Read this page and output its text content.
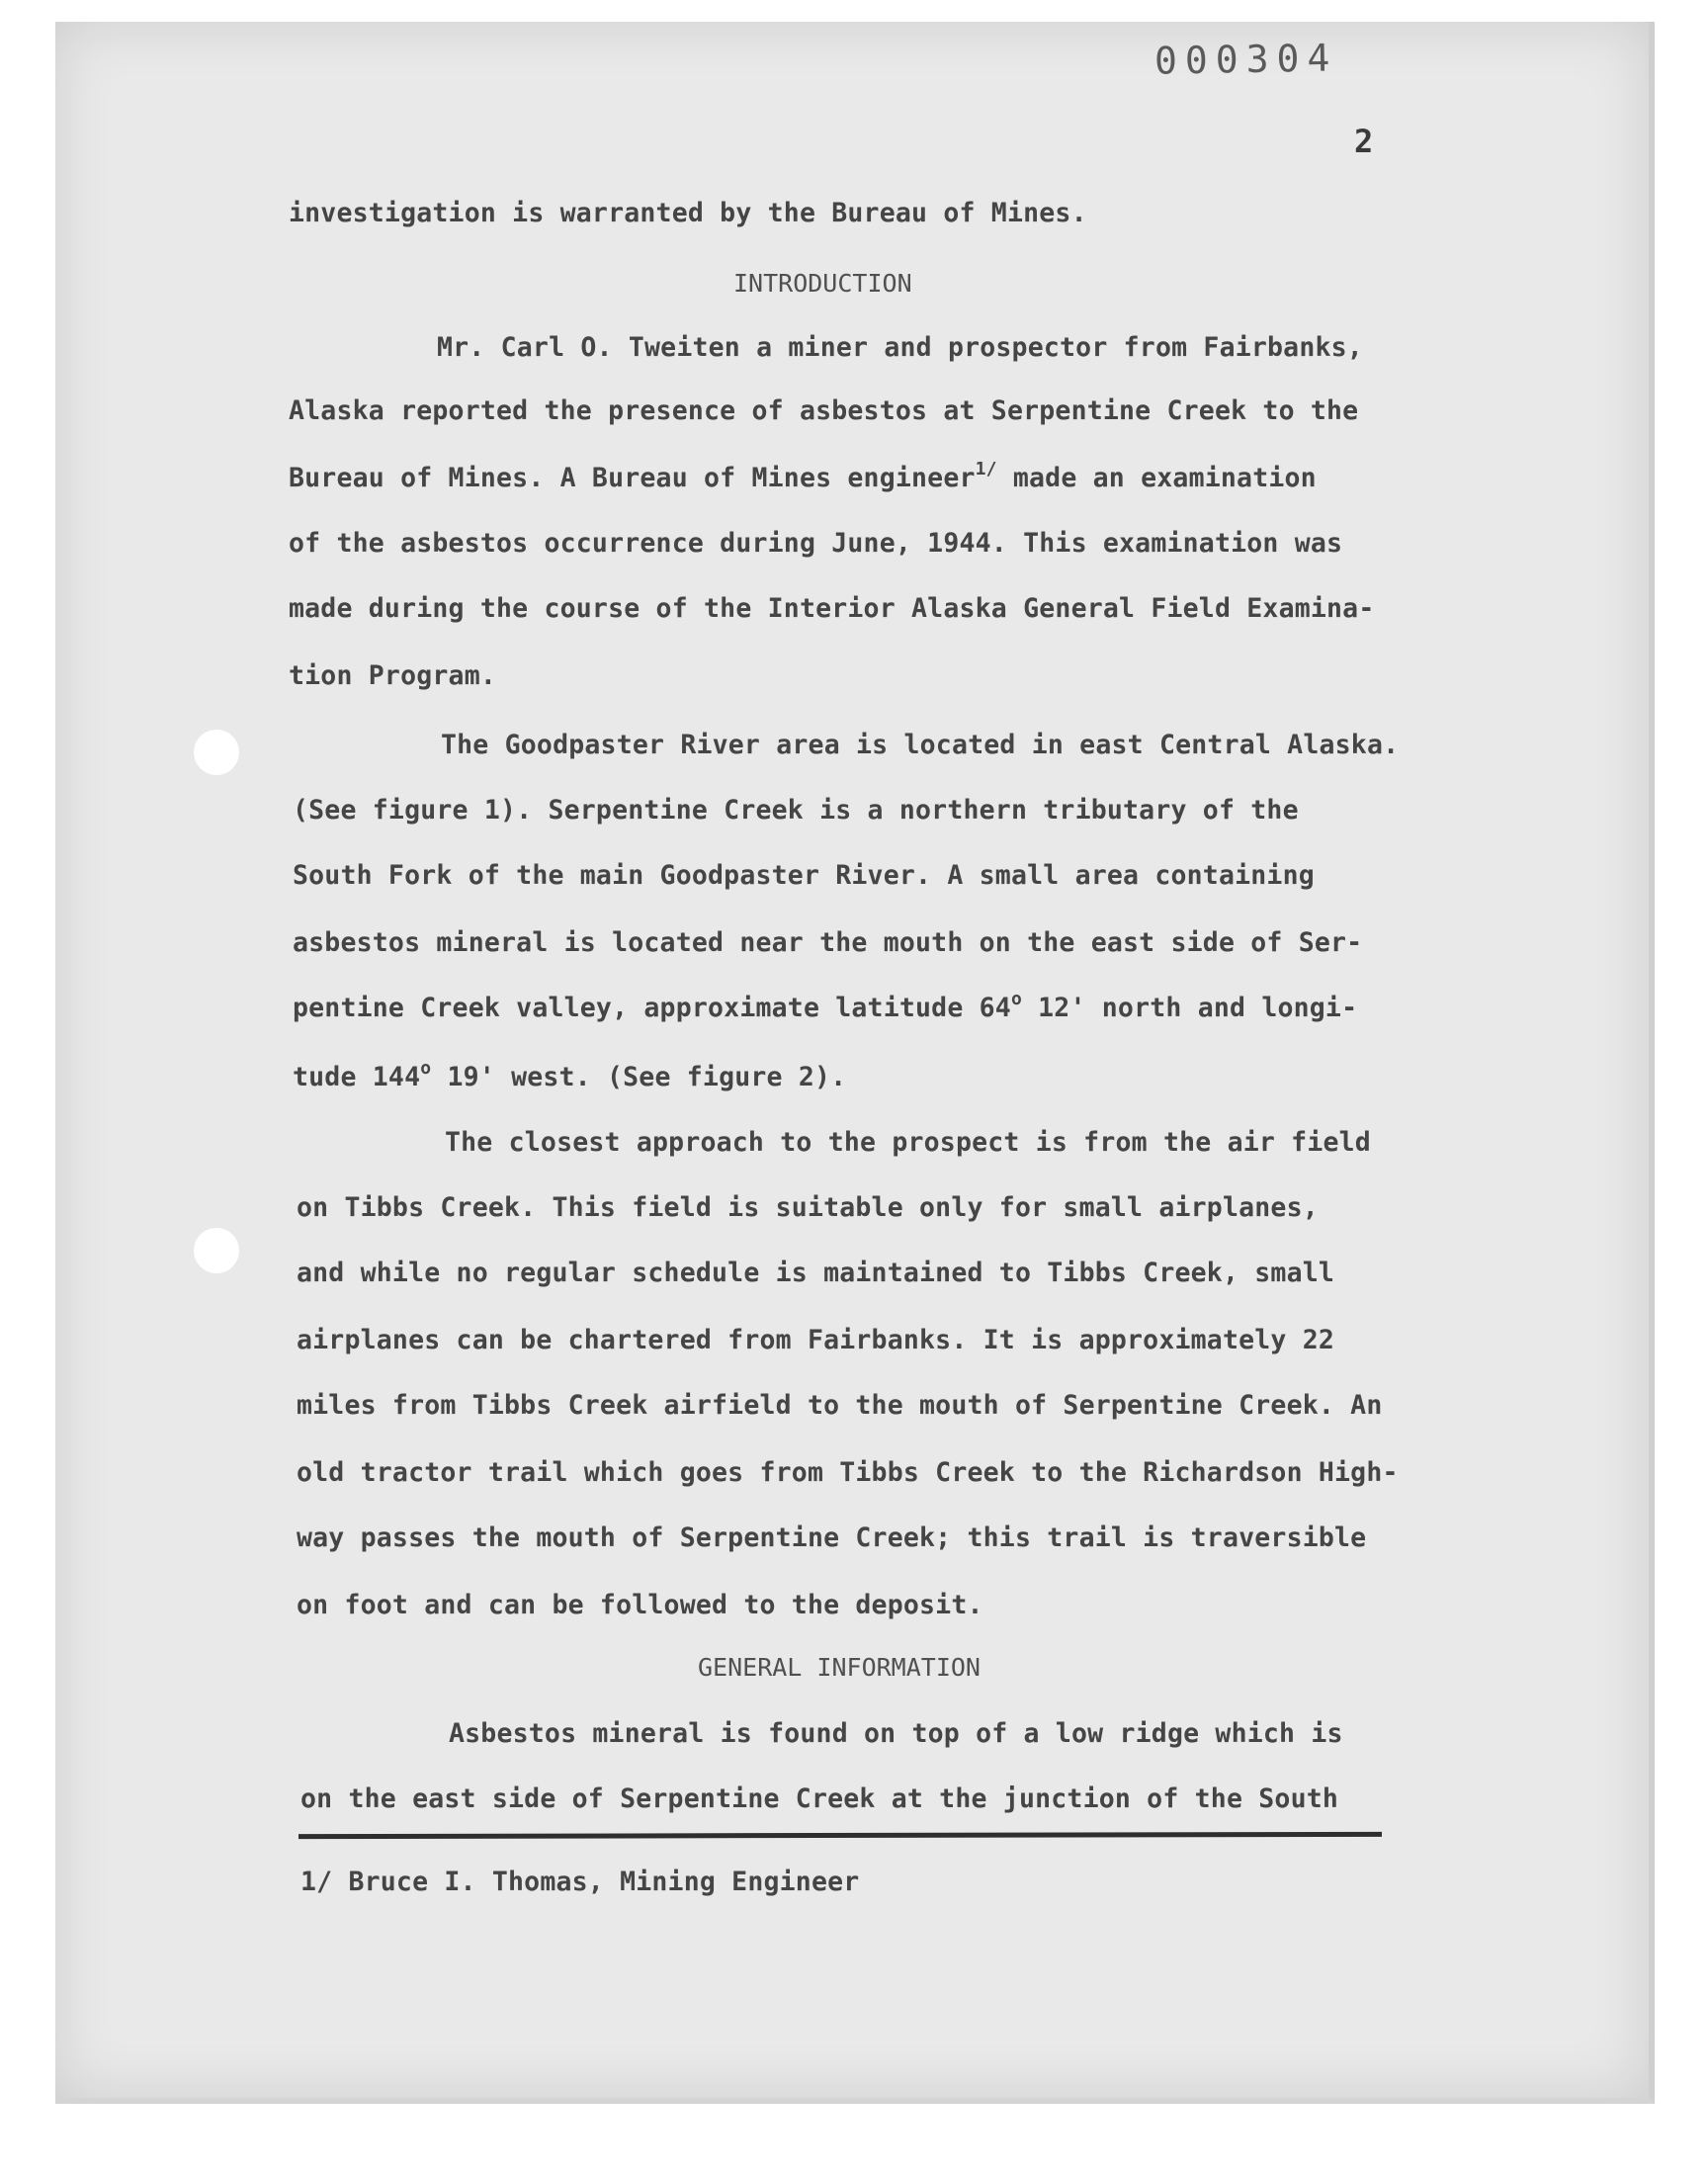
000304
2
investigation is warranted by the Bureau of Mines.
INTRODUCTION
Mr. Carl O. Tweiten a miner and prospector from Fairbanks,
Alaska reported the presence of asbestos at Serpentine Creek to the
Bureau of Mines. A Bureau of Mines engineer$^{1/}$ made an examination
of the asbestos occurrence during June, 1944. This examination was
made during the course of the Interior Alaska General Field Examina-
tion Program.
The Goodpaster River area is located in east Central Alaska.
(See figure 1). Serpentine Creek is a northern tributary of the
South Fork of the main Goodpaster River. A small area containing
asbestos mineral is located near the mouth on the east side of Ser-
pentine Creek valley, approximate latitude 64$^o$ 12' north and longi-
tude 144$^o$ 19' west. (See figure 2).
The closest approach to the prospect is from the air field
on Tibbs Creek. This field is suitable only for small airplanes,
and while no regular schedule is maintained to Tibbs Creek, small
airplanes can be chartered from Fairbanks. It is approximately 22
miles from Tibbs Creek airfield to the mouth of Serpentine Creek. An
old tractor trail which goes from Tibbs Creek to the Richardson High-
way passes the mouth of Serpentine Creek; this trail is traversible
on foot and can be followed to the deposit.
GENERAL INFORMATION
Asbestos mineral is found on top of a low ridge which is
on the east side of Serpentine Creek at the junction of the South
1/ Bruce I. Thomas, Mining Engineer
